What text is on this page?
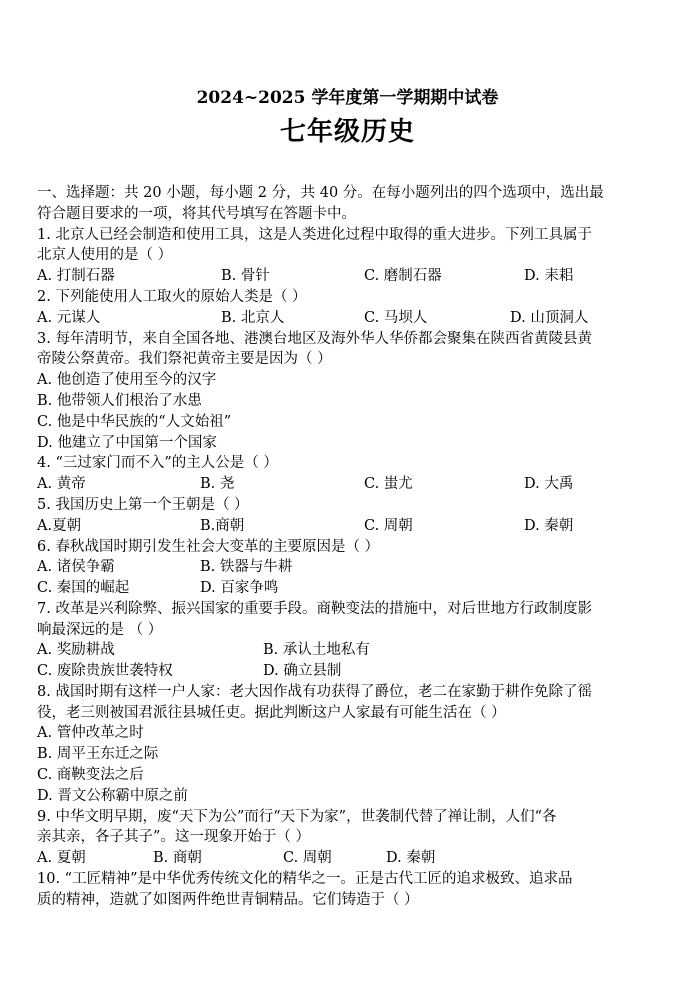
2024~2025 学年度第一学期期中试卷
七年级历史
一、选择题：共 20 小题，每小题 2 分，共 40 分。在每小题列出的四个选项中，选出最
符合题目要求的一项，将其代号填写在答题卡中。
1. 北京人已经会制造和使用工具，这是人类进化过程中取得的重大进步。下列工具属于
北京人使用的是（ ）
A. 打制石器	B. 骨针	C. 磨制石器	D. 耒耜
2. 下列能使用人工取火的原始人类是（ ）
A. 元谋人	B. 北京人	C. 马坝人	D. 山顶洞人
3. 每年清明节，来自全国各地、港澳台地区及海外华人华侨都会聚集在陕西省黄陵县黄
帝陵公祭黄帝。我们祭祀黄帝主要是因为（ ）
A. 他创造了使用至今的汉字
B. 他带领人们根治了水患
C. 他是中华民族的“人文始祖”
D. 他建立了中国第一个国家
4. “三过家门而不入”的主人公是（ ）
A. 黄帝	B. 尧	C. 蚩尤	D. 大禹
5. 我国历史上第一个王朝是（ ）
A.夏朝	B.商朝	C. 周朝	D. 秦朝
6. 春秋战国时期引发生社会大变革的主要原因是（ ）
A. 诸侯争霸	B. 铁器与牛耕
C. 秦国的崛起	D. 百家争鸣
7. 改革是兴利除弊、振兴国家的重要手段。商鞅变法的措施中，对后世地方行政制度影
响最深远的是 （ ）
A. 奖励耕战	B. 承认土地私有
C. 废除贵族世袭特权	D. 确立县制
8. 战国时期有这样一户人家：老大因作战有功获得了爵位，老二在家勤于耕作免除了徭
役，老三则被国君派往县城任吏。据此判断这户人家最有可能生活在（ ）
A. 管仲改革之时
B. 周平王东迁之际
C. 商鞅变法之后
D. 晋文公称霸中原之前
9. 中华文明早期，废“天下为公”而行“天下为家”，世袭制代替了禅让制，人们“各
亲其亲，各子其子”。这一现象开始于（ ）
A. 夏朝	B. 商朝	C. 周朝	D. 秦朝
10. “工匠精神”是中华优秀传统文化的精华之一。正是古代工匠的追求极致、追求品
质的精神，造就了如图两件绝世青铜精品。它们铸造于（ ）
